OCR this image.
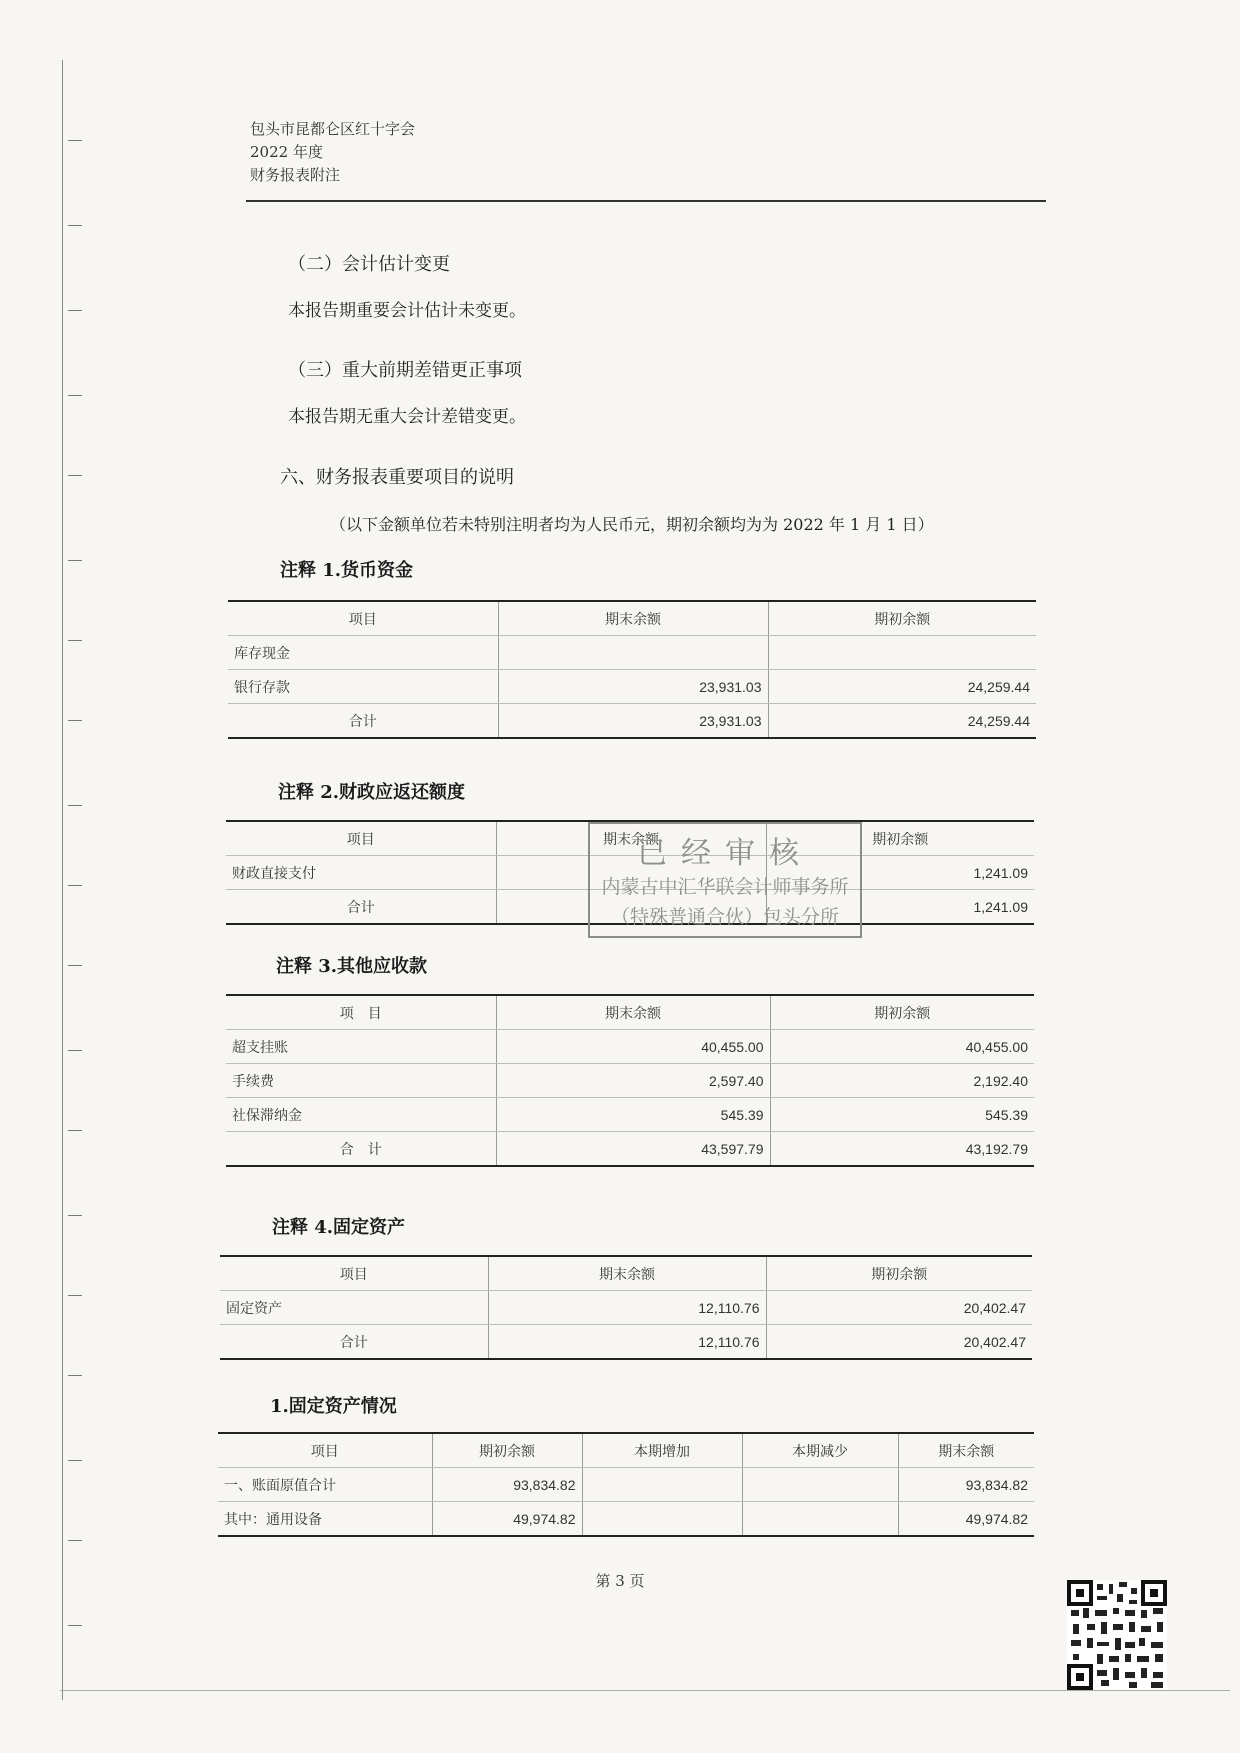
包头市昆都仑区红十字会
2022 年度
财务报表附注
（二）会计估计变更
本报告期重要会计估计未变更。
（三）重大前期差错更正事项
本报告期无重大会计差错变更。
六、财务报表重要项目的说明
（以下金额单位若未特别注明者均为人民币元，期初余额均为为 2022 年 1 月 1 日）
注释 1.货币资金
项目	期末余额	期初余额
库存现金		
银行存款	23,931.03	24,259.44
合计	23,931.03	24,259.44
注释 2.财政应返还额度
项目	期末余额	期初余额
财政直接支付		1,241.09
合计		1,241.09
已经审核
内蒙古中汇华联会计师事务所
（特殊普通合伙）包头分所
注释 3.其他应收款
项　目	期末余额	期初余额
超支挂账	40,455.00	40,455.00
手续费	2,597.40	2,192.40
社保滞纳金	545.39	545.39
合　计	43,597.79	43,192.79
注释 4.固定资产
项目	期末余额	期初余额
固定资产	12,110.76	20,402.47
合计	12,110.76	20,402.47
1.固定资产情况
项目	期初余额	本期增加	本期减少	期末余额
一、账面原值合计	93,834.82			93,834.82
其中：通用设备	49,974.82			49,974.82
第 3 页
